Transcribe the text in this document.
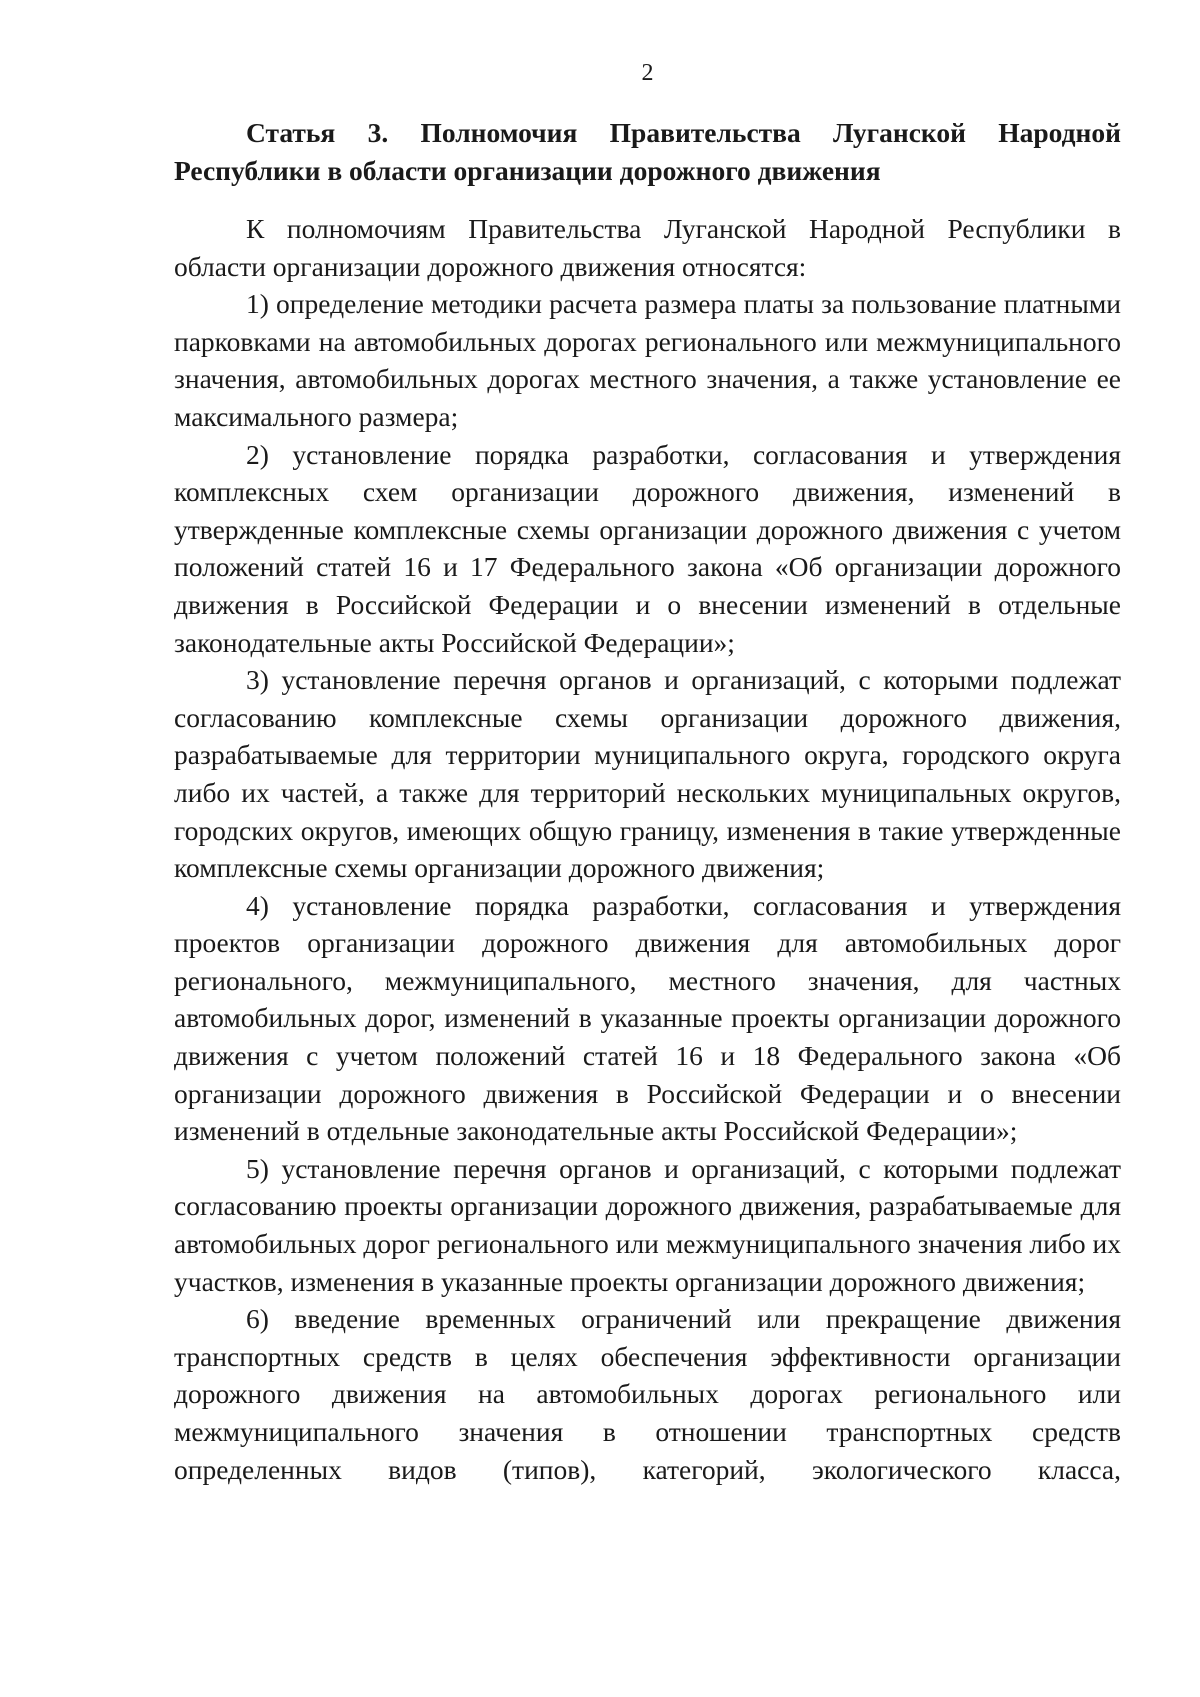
2
Статья 3. Полномочия Правительства Луганской Народной Республики в области организации дорожного движения

К полномочиям Правительства Луганской Народной Республики в области организации дорожного движения относятся:

1) определение методики расчета размера платы за пользование платными парковками на автомобильных дорогах регионального или межмуниципального значения, автомобильных дорогах местного значения, а также установление ее максимального размера;

2) установление порядка разработки, согласования и утверждения комплексных схем организации дорожного движения, изменений в утвержденные комплексные схемы организации дорожного движения с учетом положений статей 16 и 17 Федерального закона «Об организации дорожного движения в Российской Федерации и о внесении изменений в отдельные законодательные акты Российской Федерации»;

3) установление перечня органов и организаций, с которыми подлежат согласованию комплексные схемы организации дорожного движения, разрабатываемые для территории муниципального округа, городского округа либо их частей, а также для территорий нескольких муниципальных округов, городских округов, имеющих общую границу, изменения в такие утвержденные комплексные схемы организации дорожного движения;

4) установление порядка разработки, согласования и утверждения проектов организации дорожного движения для автомобильных дорог регионального, межмуниципального, местного значения, для частных автомобильных дорог, изменений в указанные проекты организации дорожного движения с учетом положений статей 16 и 18 Федерального закона «Об организации дорожного движения в Российской Федерации и о внесении изменений в отдельные законодательные акты Российской Федерации»;

5) установление перечня органов и организаций, с которыми подлежат согласованию проекты организации дорожного движения, разрабатываемые для автомобильных дорог регионального или межмуниципального значения либо их участков, изменения в указанные проекты организации дорожного движения;

6) введение временных ограничений или прекращение движения транспортных средств в целях обеспечения эффективности организации дорожного движения на автомобильных дорогах регионального или межмуниципального значения в отношении транспортных средств определенных видов (типов), категорий, экологического класса,
